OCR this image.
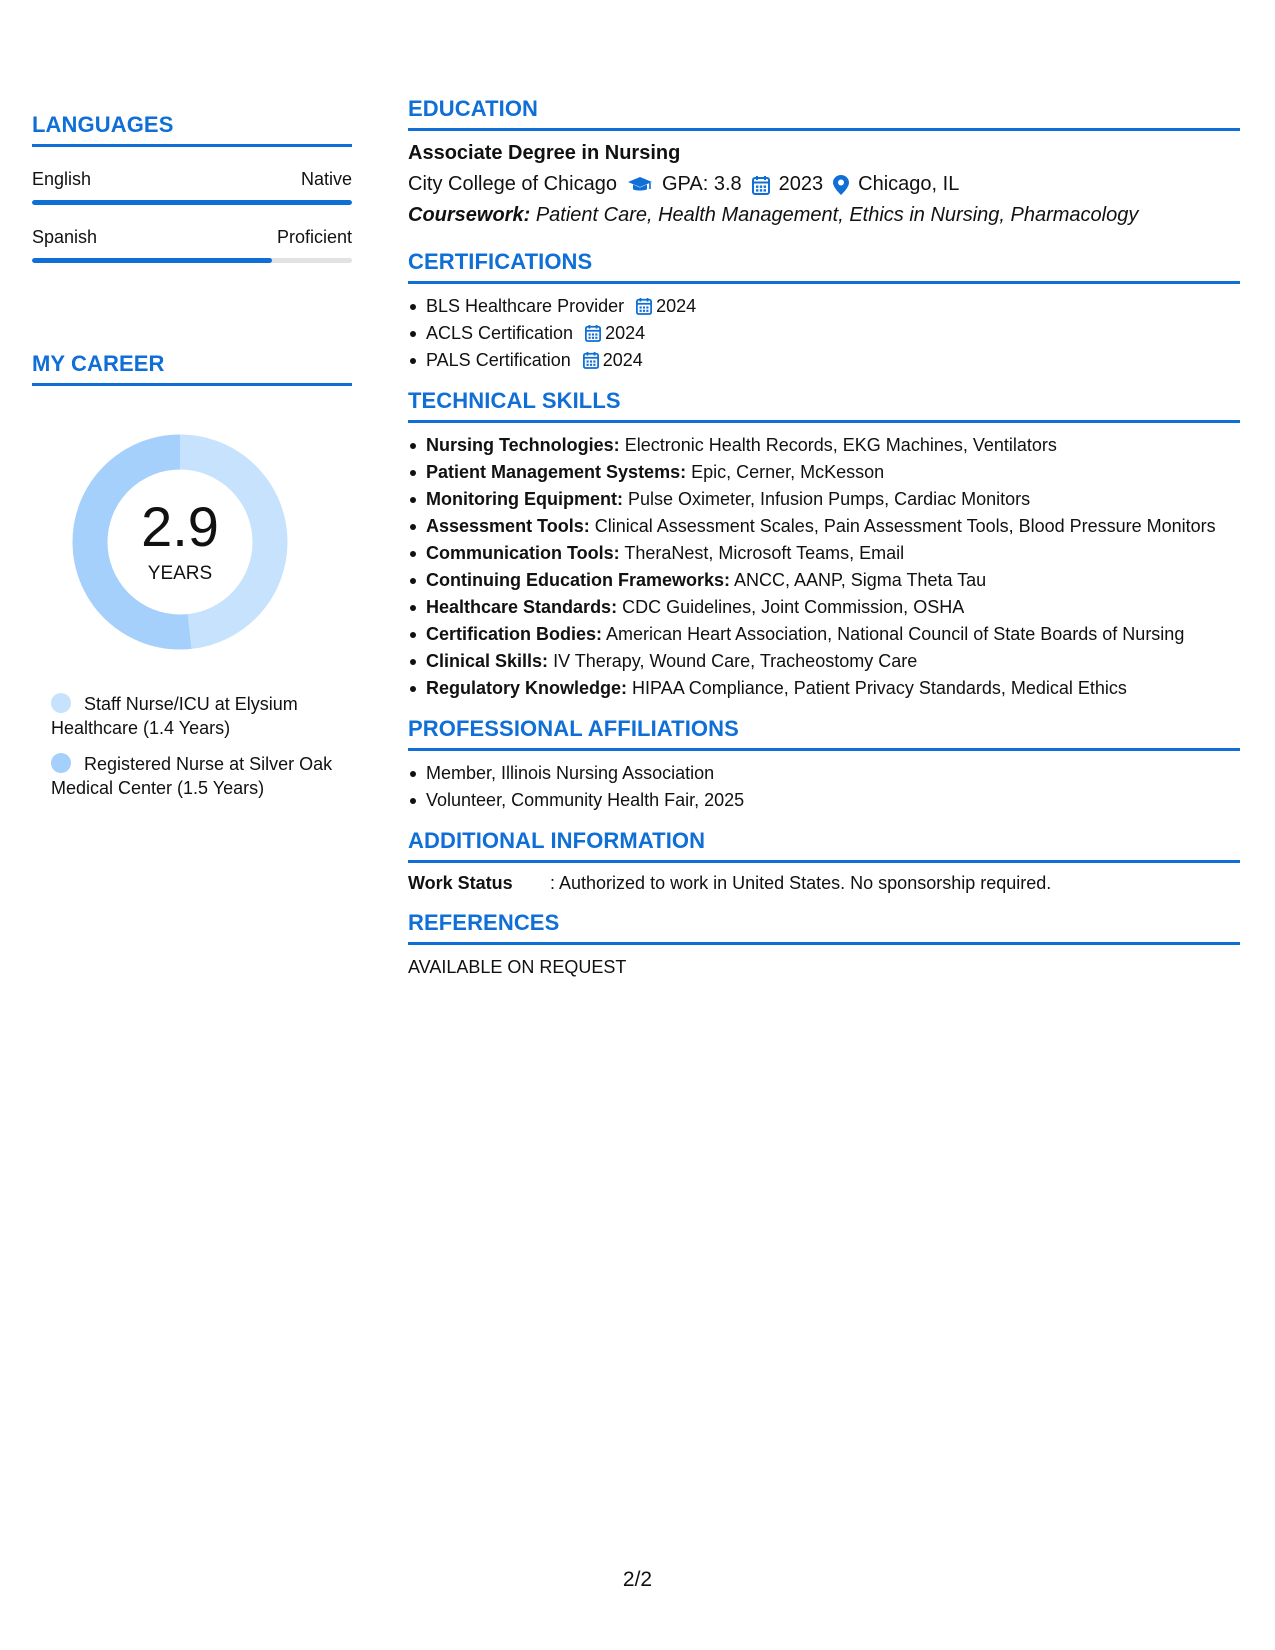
LANGUAGES
English	Native
Spanish	Proficient
MY CAREER
2.9
YEARS
Staff Nurse/ICU at Elysium Healthcare (1.4 Years)
Registered Nurse at Silver Oak Medical Center (1.5 Years)
EDUCATION
Associate Degree in Nursing
City College of Chicago GPA: 3.8 2023 Chicago, IL
Coursework: Patient Care, Health Management, Ethics in Nursing, Pharmacology
CERTIFICATIONS
BLS Healthcare Provider 2024
ACLS Certification 2024
PALS Certification 2024
TECHNICAL SKILLS
Nursing Technologies: Electronic Health Records, EKG Machines, Ventilators
Patient Management Systems: Epic, Cerner, McKesson
Monitoring Equipment: Pulse Oximeter, Infusion Pumps, Cardiac Monitors
Assessment Tools: Clinical Assessment Scales, Pain Assessment Tools, Blood Pressure Monitors
Communication Tools: TheraNest, Microsoft Teams, Email
Continuing Education Frameworks: ANCC, AANP, Sigma Theta Tau
Healthcare Standards: CDC Guidelines, Joint Commission, OSHA
Certification Bodies: American Heart Association, National Council of State Boards of Nursing
Clinical Skills: IV Therapy, Wound Care, Tracheostomy Care
Regulatory Knowledge: HIPAA Compliance, Patient Privacy Standards, Medical Ethics
PROFESSIONAL AFFILIATIONS
Member, Illinois Nursing Association
Volunteer, Community Health Fair, 2025
ADDITIONAL INFORMATION
Work Status	: Authorized to work in United States. No sponsorship required.
REFERENCES
AVAILABLE ON REQUEST
2/2
